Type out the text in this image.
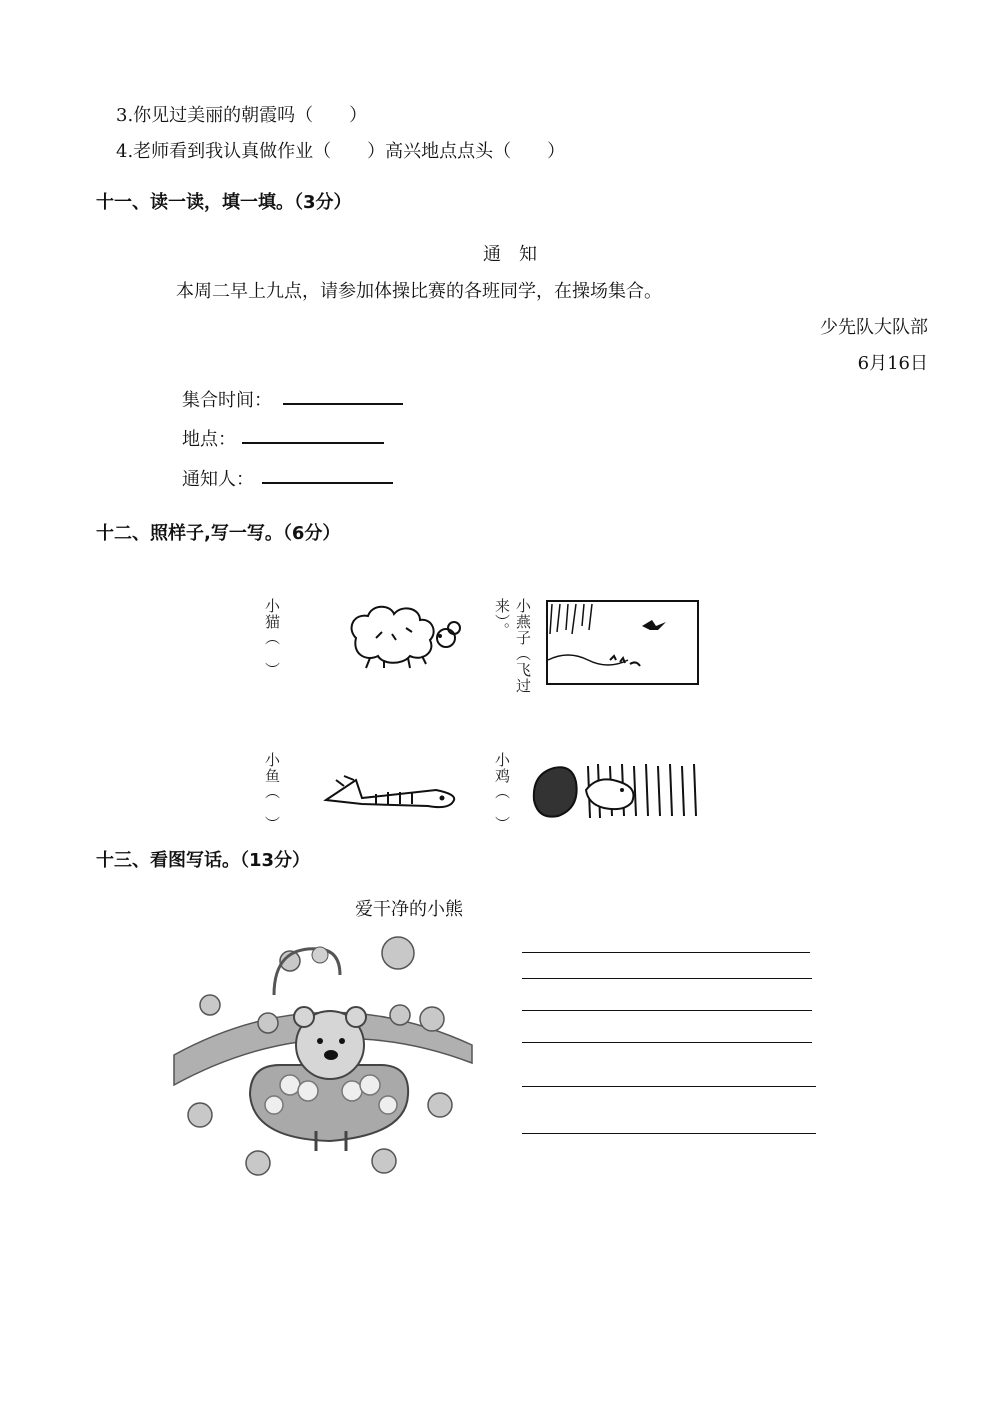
3.你见过美丽的朝霞吗（　　）
4.老师看到我认真做作业（　　）高兴地点点头（　　）
十一、读一读，填一填。（3分）
通　知
本周二早上九点，请参加体操比赛的各班同学，在操场集合。
少先队大队部
6月16日
集合时间：
地点：
通知人：
十二、照样子,写一写。（6分）
小猫（　）	小燕子（飞过来）。
小鱼（　）	小鸡（　）
十三、看图写话。（13分）
爱干净的小熊
